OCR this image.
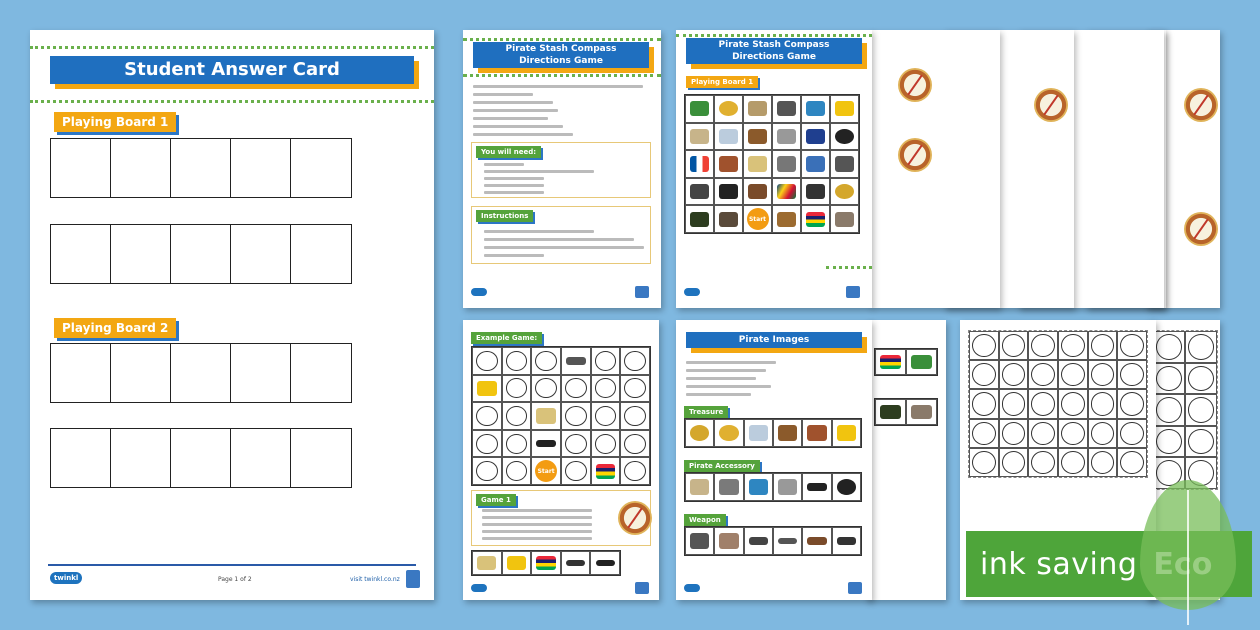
Student Answer Card
Playing Board 1
Playing Board 2
twinkl	Page 1 of 2	visit twinkl.co.nz
Pirate Stash Compass
Directions Game
Playing Board 1
Start
Pirate Stash Compass
Directions Game
You will need:
Instructions
Example Game:
Start
Game 1
Pirate Images
Treasure
Pirate Accessory
Weapon
ink saving
